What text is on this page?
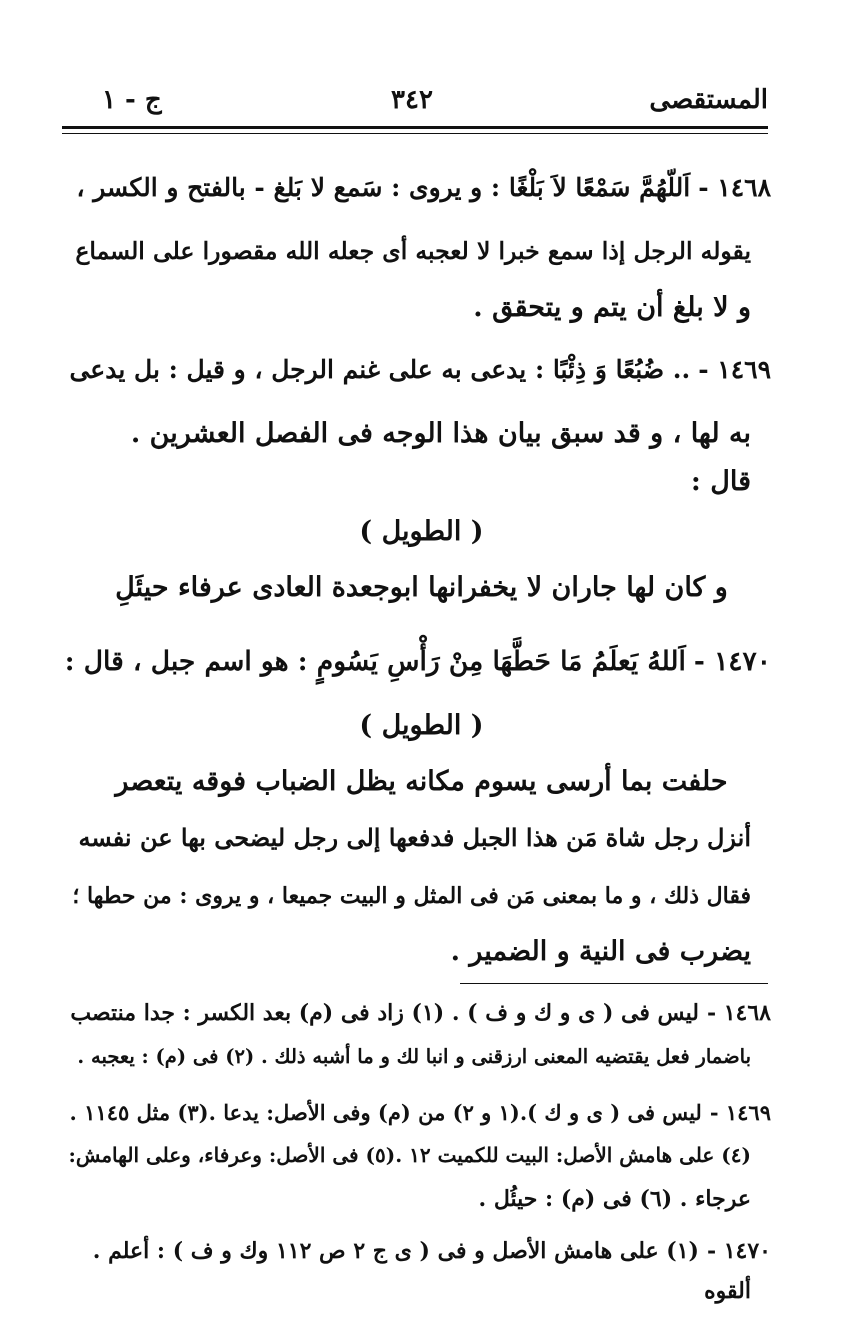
المستقصى
٣٤٢
ج - ١
١٤٦٨ -اَللّهُمَّ سَمْعًا لاَ بَلْغًا : و يروى : سَمع لا بَلغ - بالفتح و الكسر ،
يقوله الرجل إذا سمع خبرا لا لعجبه أى جعله الله مقصورا على السماع
و لا بلغ أن يتم و يتحقق .
١٤٦٩ -.. ضُبُعًا وَ ذِئْبًا : يدعى به على غنم الرجل ، و قيل : بل يدعى
به لها ، و قد سبق بيان هذا الوجه فى الفصل العشرين .
قال :
( الطويل )
و كان لها جاران لا يخفرانها ابوجعدة العادى عرفاء حيئَلِ
١٤٧٠ -اَللهُ يَعلَمُ مَا حَطَّهَا مِنْ رَأْسِ يَسُومٍ : هو اسم جبل ، قال :
( الطويل )
حلفت بما أرسى يسوم مكانه يظل الضباب فوقه يتعصر
أنزل رجل شاة مَن هذا الجبل فدفعها إلى رجل ليضحى بها عن نفسه
فقال ذلك ، و ما بمعنى مَن فى المثل و البيت جميعا ، و يروى : من حطها ؛
يضرب فى النية و الضمير .
١٤٦٨ -ليس فى ( ى و ك و ف ) . (١) زاد فى (م) بعد الكسر : جدا منتصب
باضمار فعل يقتضيه المعنى ارزقنى و انبا لك و ما أشبه ذلك . (٢) فى (م) : يعجبه .
١٤٦٩ -ليس فى ( ى و ك ).(١ و ٢) من (م) وفى الأصل: يدعا .(٣) مثل ١١٤٥ .
(٤) على هامش الأصل: البيت للكميت ١٢ .(٥) فى الأصل: وعرفاء، وعلى الهامش:
عرجاء . (٦) فى (م) : حيئُل .
١٤٧٠ -(١) على هامش الأصل و فى ( ى ج ٢ ص ١١٢ وك و ف ) : أعلم .
ألقوه
